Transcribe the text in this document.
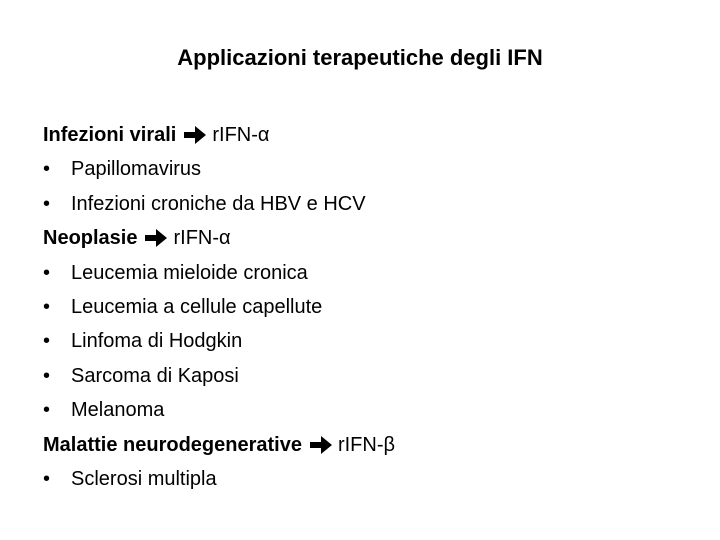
Applicazioni terapeutiche degli IFN
Infezioni virali rIFN-α
•	Papillomavirus
•	Infezioni croniche da HBV e HCV
Neoplasie rIFN-α
•	Leucemia mieloide cronica
•	Leucemia a cellule capellute
•	Linfoma di Hodgkin
•	Sarcoma di Kaposi
•	Melanoma
Malattie neurodegenerative rIFN-β
•	Sclerosi multipla
